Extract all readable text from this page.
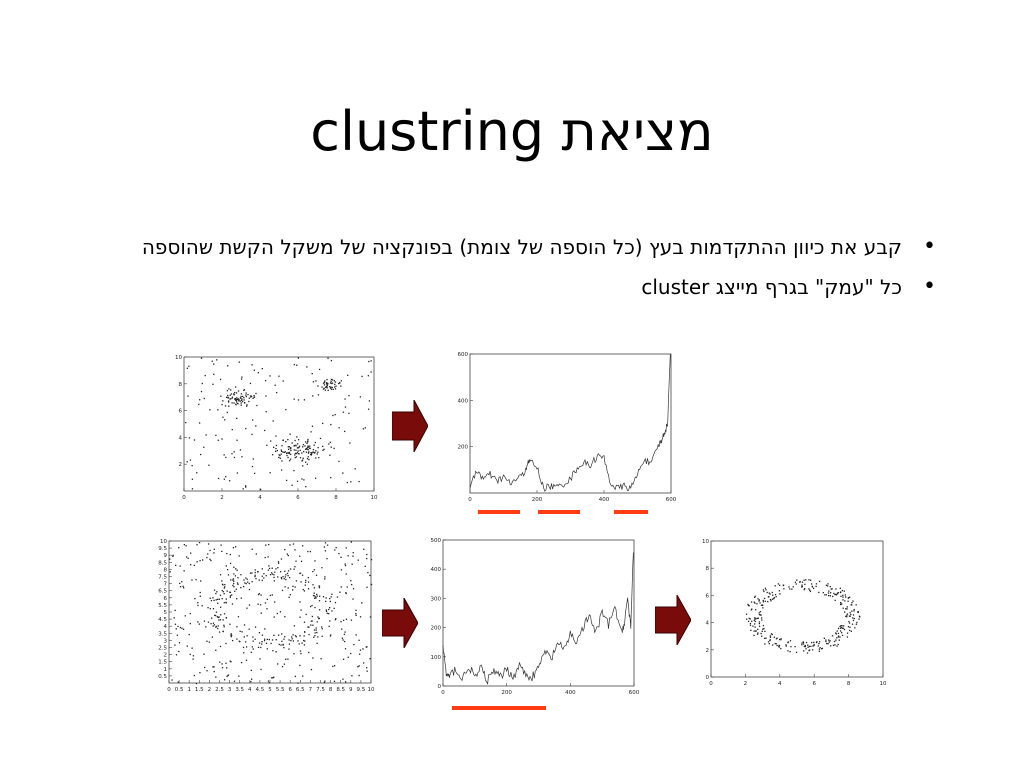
מציאת clustring
•
קבע את כיוון ההתקדמות בעץ (כל הוספה של צומת) בפונקציה של משקל הקשת שהוספה
•
כל "עמק" בגרף מייצג cluster
0	2	4	6	8	10
2
4
6
8
10
0	200	400	600
200
400
600
0 0.5 1 1.5 2 2.5 3 3.5 4 4.5 5 5.5 6 6.5 7 7.5 8 8.5 9 9.5 10
0.5
1
1.5
2
2.5
3
3.5
4
4.5
5
5.5
6
6.5
7
7.5
8
8.5
9
9.5
10
0	200	400	600
0
100
200
300
400
500
0	2	4	6	8	10
0
2
4
6
8
10
